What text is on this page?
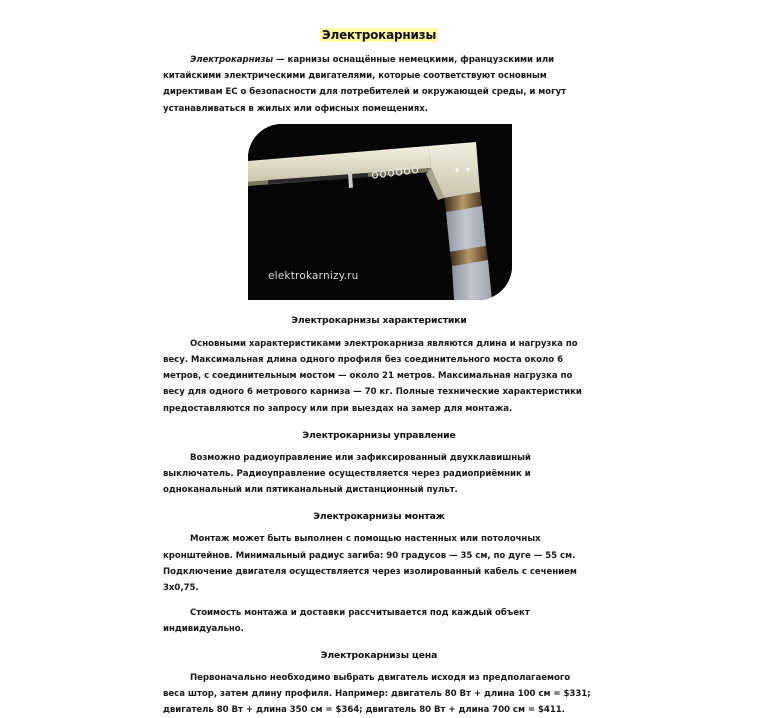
Электрокарнизы

Электрокарнизы — карнизы оснащённые немецкими, французскими или китайскими электрическими двигателями, которые соответствуют основным директивам ЕС о безопасности для потребителей и окружающей среды, и могут устанавливаться в жилых или офисных помещениях.

elektrokarnizy.ru
Электрокарнизы характеристики

Основными характеристиками электрокарниза являются длина и нагрузка по весу. Максимальная длина одного профиля без соединительного моста около 6 метров, с соединительным мостом — около 21 метров. Максимальная нагрузка по весу для одного 6 метрового карниза — 70 кг. Полные технические характеристики предоставляются по запросу или при выездах на замер для монтажа.

Электрокарнизы управление

Возможно радиоуправление или зафиксированный двухклавишный выключатель. Радиоуправление осуществляется через радиоприёмник и одноканальный или пятиканальный дистанционный пульт.

Электрокарнизы монтаж

Монтаж может быть выполнен с помощью настенных или потолочных кронштейнов. Минимальный радиус загиба: 90 градусов — 35 см, по дуге — 55 см. Подключение двигателя осуществляется через изолированный кабель с сечением 3х0,75.

Стоимость монтажа и доставки рассчитывается под каждый объект индивидуально.

Электрокарнизы цена

Первоначально необходимо выбрать двигатель исходя из предполагаемого веса штор, затем длину профиля. Например: двигатель 80 Вт + длина 100 см = $331; двигатель 80 Вт + длина 350 см = $364; двигатель 80 Вт + длина 700 см = $411.
